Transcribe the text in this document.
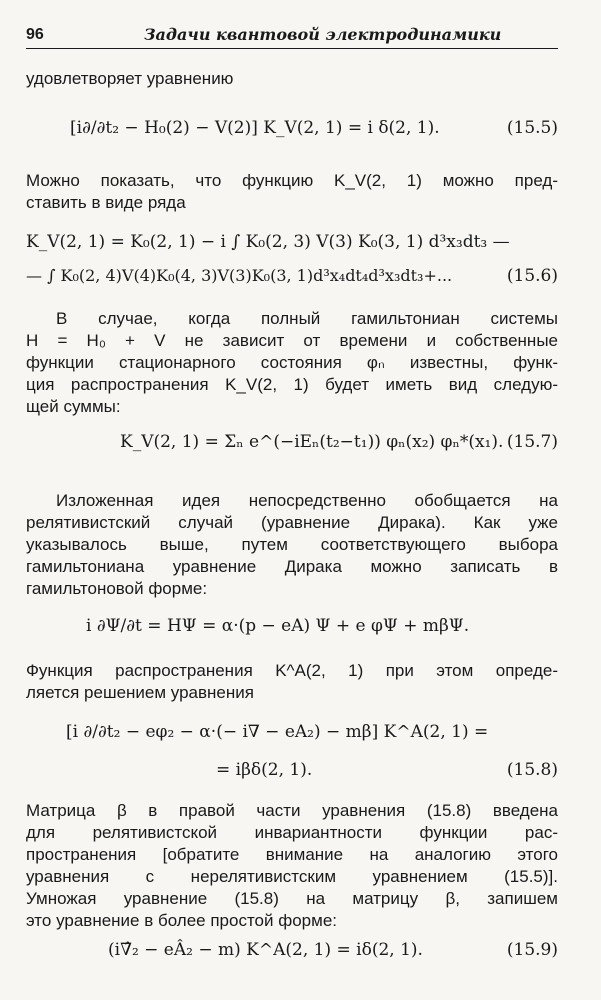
96	Задачи квантовой электродинамики
удовлетворяет уравнению
[i∂/∂t₂ − H₀(2) − V(2)] K_V(2, 1) = i δ(2, 1).	(15.5)
Можно показать, что функцию K_V(2, 1) можно пред-
ставить в виде ряда
K_V(2, 1) = K₀(2, 1) − i ∫ K₀(2, 3) V(3) K₀(3, 1) d³x₃dt₃ —
— ∫ K₀(2, 4)V(4)K₀(4, 3)V(3)K₀(3, 1)d³x₄dt₄d³x₃dt₃+...	(15.6)
В случае, когда полный гамильтониан системы
H = H₀ + V не зависит от времени и собственные
функции стационарного состояния φₙ известны, функ-
ция распространения K_V(2, 1) будет иметь вид следую-
щей суммы:
K_V(2, 1) = Σₙ e^(−iEₙ(t₂−t₁)) φₙ(x₂) φₙ*(x₁). (15.7)
Изложенная идея непосредственно обобщается на
релятивистский случай (уравнение Дирака). Как уже
указывалось выше, путем соответствующего выбора
гамильтониана уравнение Дирака можно записать в
гамильтоновой форме:
i ∂Ψ/∂t = HΨ = α·(p − eA) Ψ + e φΨ + mβΨ.
Функция распространения K^A(2, 1) при этом опреде-
ляется решением уравнения
[i ∂/∂t₂ − eφ₂ − α·(− i∇ − eA₂) − mβ] K^A(2, 1) =
= iβδ(2, 1).	(15.8)
Матрица β в правой части уравнения (15.8) введена
для релятивистской инвариантности функции рас-
пространения [обратите внимание на аналогию этого
уравнения с нерелятивистским уравнением (15.5)].
Умножая уравнение (15.8) на матрицу β, запишем
это уравнение в более простой форме:
(i∇̂₂ − eÂ₂ − m) K^A(2, 1) = iδ(2, 1).	(15.9)
